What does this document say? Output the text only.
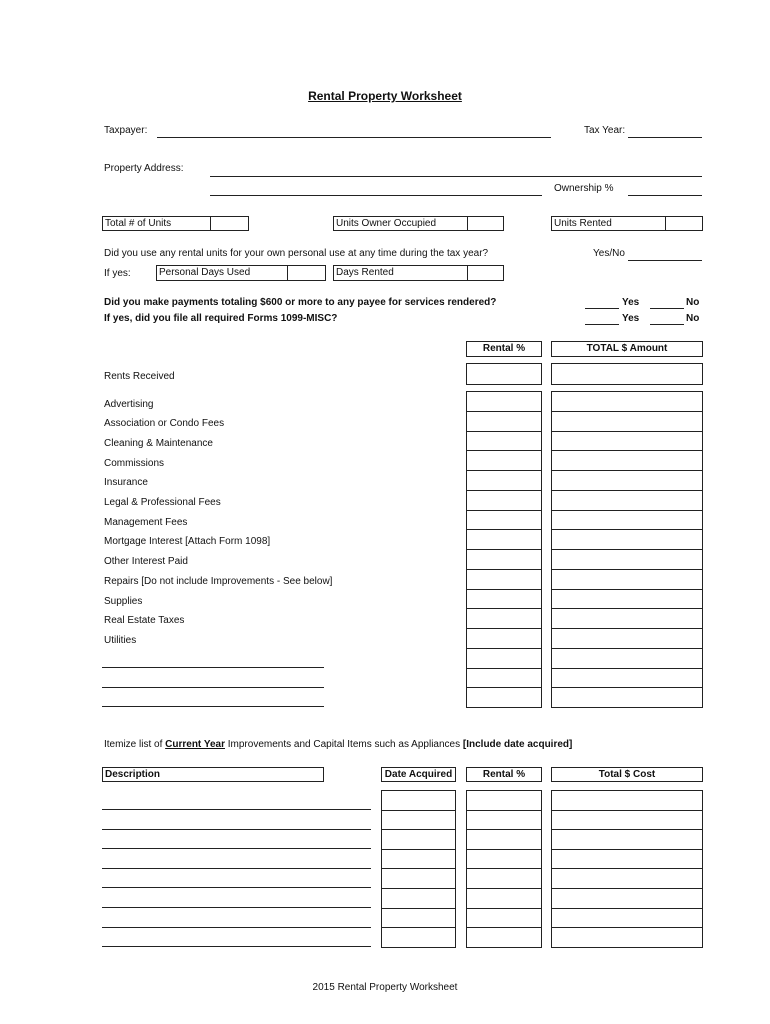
Rental Property Worksheet
Taxpayer:	Tax Year:
Property Address:
Ownership %
Total # of Units	Units Owner Occupied	Units Rented
Did you use any rental units for your own personal use at any time during the tax year?	Yes/No
If yes:	Personal Days Used	Days Rented
Did you make payments totaling $600 or more to any payee for services rendered?
If yes, did you file all required Forms 1099-MISC?
Yes	No
Yes	No
Rental %	TOTAL $ Amount
Rents Received
Advertising
Association or Condo Fees
Cleaning & Maintenance
Commissions
Insurance
Legal & Professional Fees
Management Fees
Mortgage Interest [Attach Form 1098]
Other Interest Paid
Repairs [Do not include Improvements - See below]
Supplies
Real Estate Taxes
Utilities
Itemize list of Current Year Improvements and Capital Items such as Appliances [Include date acquired]
Description	Date Acquired	Rental %	Total $ Cost
2015 Rental Property Worksheet
